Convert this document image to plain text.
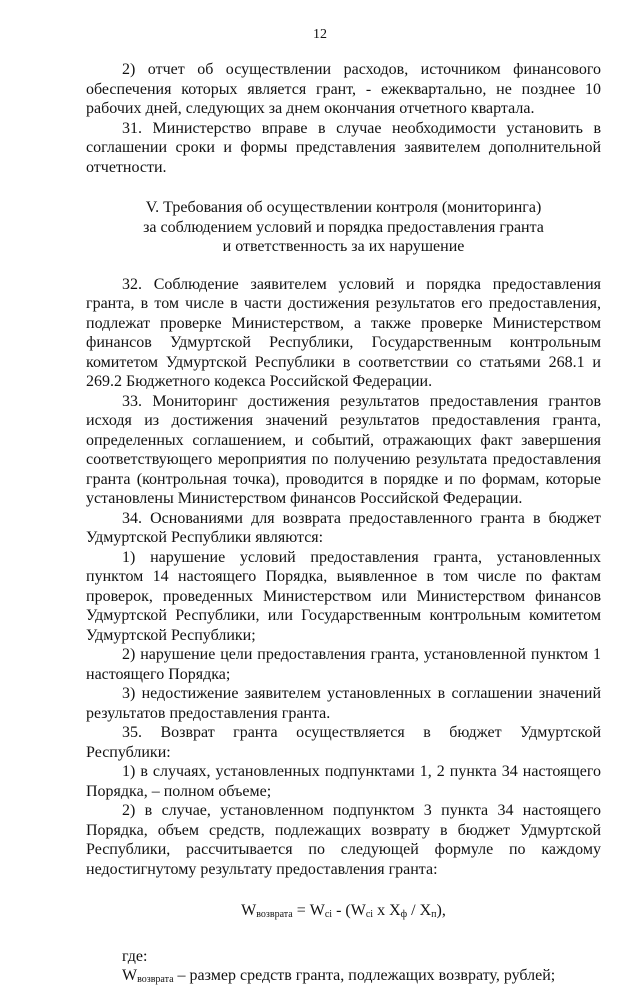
12

2) отчет об осуществлении расходов, источником финансового обеспечения которых является грант, - ежеквартально, не позднее 10 рабочих дней, следующих за днем окончания отчетного квартала.

31. Министерство вправе в случае необходимости установить в соглашении сроки и формы представления заявителем дополнительной отчетности.

V. Требования об осуществлении контроля (мониторинга)
за соблюдением условий и порядка предоставления гранта
и ответственность за их нарушение

32. Соблюдение заявителем условий и порядка предоставления гранта, в том числе в части достижения результатов его предоставления, подлежат проверке Министерством, а также проверке Министерством финансов Удмуртской Республики, Государственным контрольным комитетом Удмуртской Республики в соответствии со статьями 268.1 и 269.2 Бюджетного кодекса Российской Федерации.

33. Мониторинг достижения результатов предоставления грантов исходя из достижения значений результатов предоставления гранта, определенных соглашением, и событий, отражающих факт завершения соответствующего мероприятия по получению результата предоставления гранта (контрольная точка), проводится в порядке и по формам, которые установлены Министерством финансов Российской Федерации.

34. Основаниями для возврата предоставленного гранта в бюджет Удмуртской Республики являются:

1) нарушение условий предоставления гранта, установленных пунктом 14 настоящего Порядка, выявленное в том числе по фактам проверок, проведенных Министерством или Министерством финансов Удмуртской Республики, или Государственным контрольным комитетом Удмуртской Республики;

2) нарушение цели предоставления гранта, установленной пунктом 1 настоящего Порядка;

3) недостижение заявителем установленных в соглашении значений результатов предоставления гранта.

35. Возврат гранта осуществляется в бюджет Удмуртской Республики:

1) в случаях, установленных подпунктами 1, 2 пункта 34 настоящего Порядка, – полном объеме;

2) в случае, установленном подпунктом 3 пункта 34 настоящего Порядка, объем средств, подлежащих возврату в бюджет Удмуртской Республики, рассчитывается по следующей формуле по каждому недостигнутому результату предоставления гранта:

$W_{возврата} = W_{ci} - (W_{ci}$ x $X_ф / X_п$),

где:

$W_{возврата}$ – размер средств гранта, подлежащих возврату, рублей;
